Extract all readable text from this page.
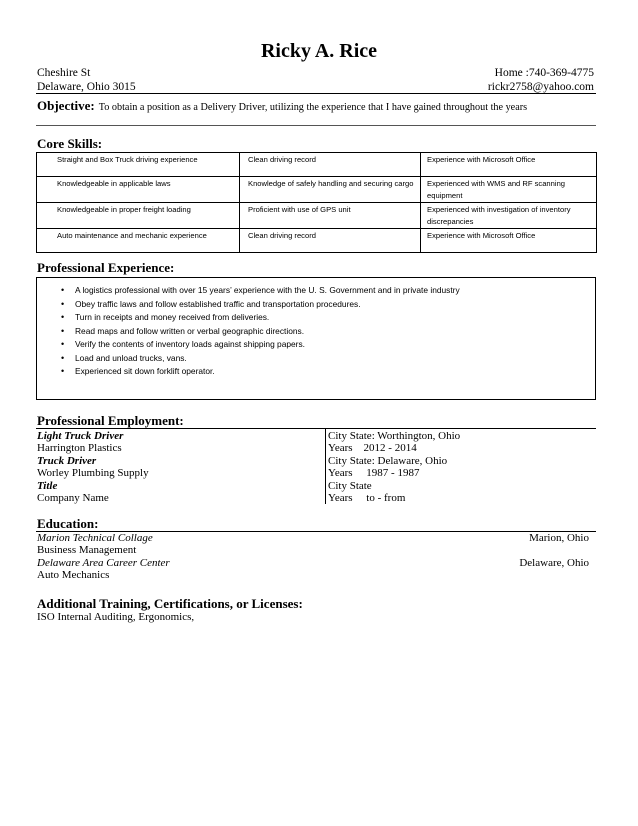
Ricky A. Rice
Cheshire St
Delaware, Ohio 3015
Home :740-369-4775
rickr2758@yahoo.com
Objective: To obtain a position as a Delivery Driver, utilizing the experience that I have gained throughout the years
Core Skills:
Straight and Box Truck driving experience	Clean driving record	Experience with Microsoft Office
Knowledgeable in applicable laws	Knowledge of safely handling and securing cargo	Experienced with WMS and RF scanning equipment
Knowledgeable in proper freight loading	Proficient with use of GPS unit	Experienced with investigation of inventory discrepancies
Auto maintenance and mechanic experience	Clean driving record	Experience with Microsoft Office
Professional Experience:
• A logistics professional with over 15 years’ experience with the U. S. Government and in private industry
• Obey traffic laws and follow established traffic and transportation procedures.
• Turn in receipts and money received from deliveries.
• Read maps and follow written or verbal geographic directions.
• Verify the contents of inventory loads against shipping papers.
• Load and unload trucks, vans.
• Experienced sit down forklift operator.
Professional Employment:
Light Truck Driver
Harrington Plastics
City State: Worthington, Ohio
Years    2012 - 2014
Truck Driver
Worley Plumbing Supply
City State: Delaware, Ohio
Years     1987 - 1987
Title
Company Name
City State
Years     to - from
Education:
Marion Technical Collage	Marion, Ohio
Business Management
Delaware Area Career Center	Delaware, Ohio
Auto Mechanics
Additional Training, Certifications, or Licenses:
ISO Internal Auditing, Ergonomics,
